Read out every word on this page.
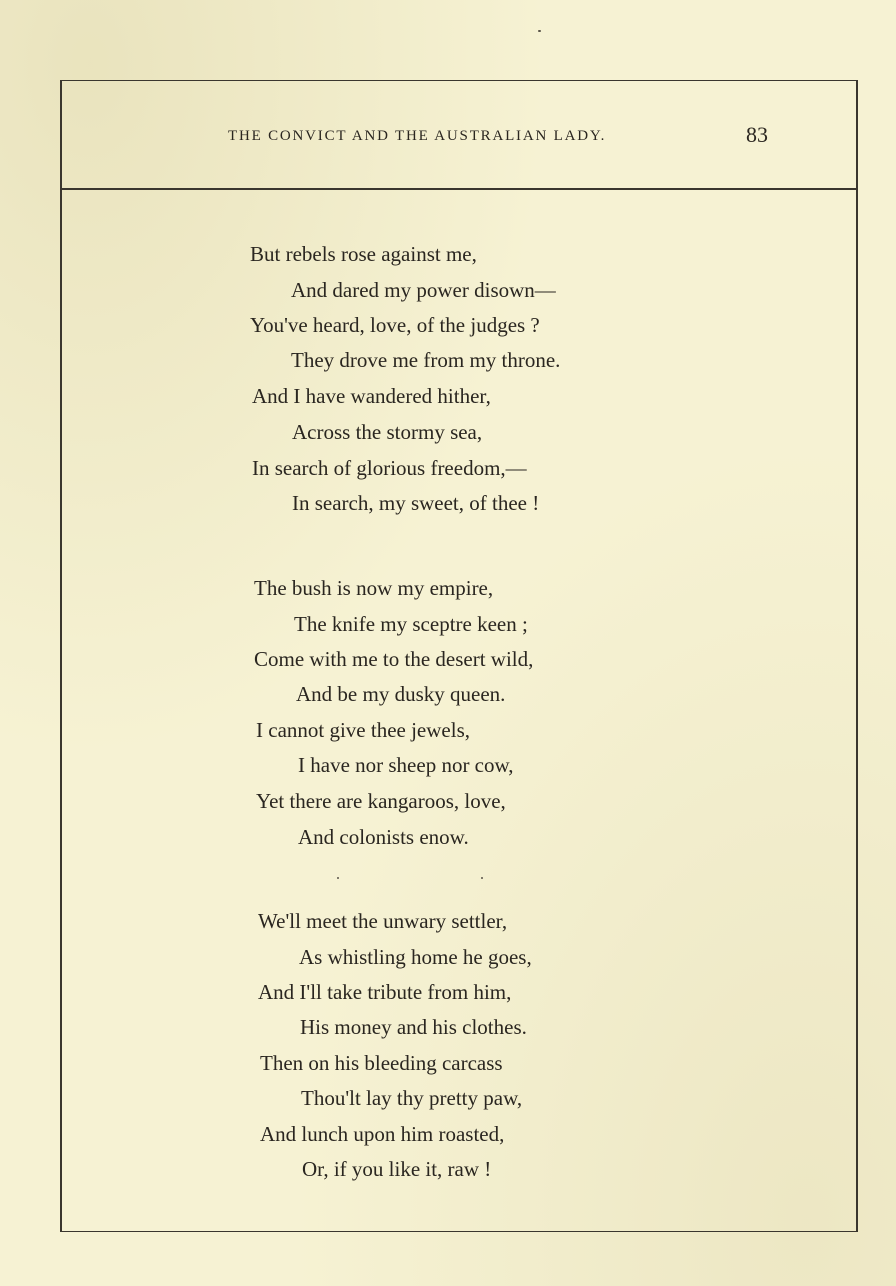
THE CONVICT AND THE AUSTRALIAN LADY.	83
But rebels rose against me,
And dared my power disown—
You've heard, love, of the judges ?
They drove me from my throne.
And I have wandered hither,
Across the stormy sea,
In search of glorious freedom,—
In search, my sweet, of thee !
The bush is now my empire,
The knife my sceptre keen ;
Come with me to the desert wild,
And be my dusky queen.
I cannot give thee jewels,
I have nor sheep nor cow,
Yet there are kangaroos, love,
And colonists enow.
We'll meet the unwary settler,
As whistling home he goes,
And I'll take tribute from him,
His money and his clothes.
Then on his bleeding carcass
Thou'lt lay thy pretty paw,
And lunch upon him roasted,
Or, if you like it, raw !
